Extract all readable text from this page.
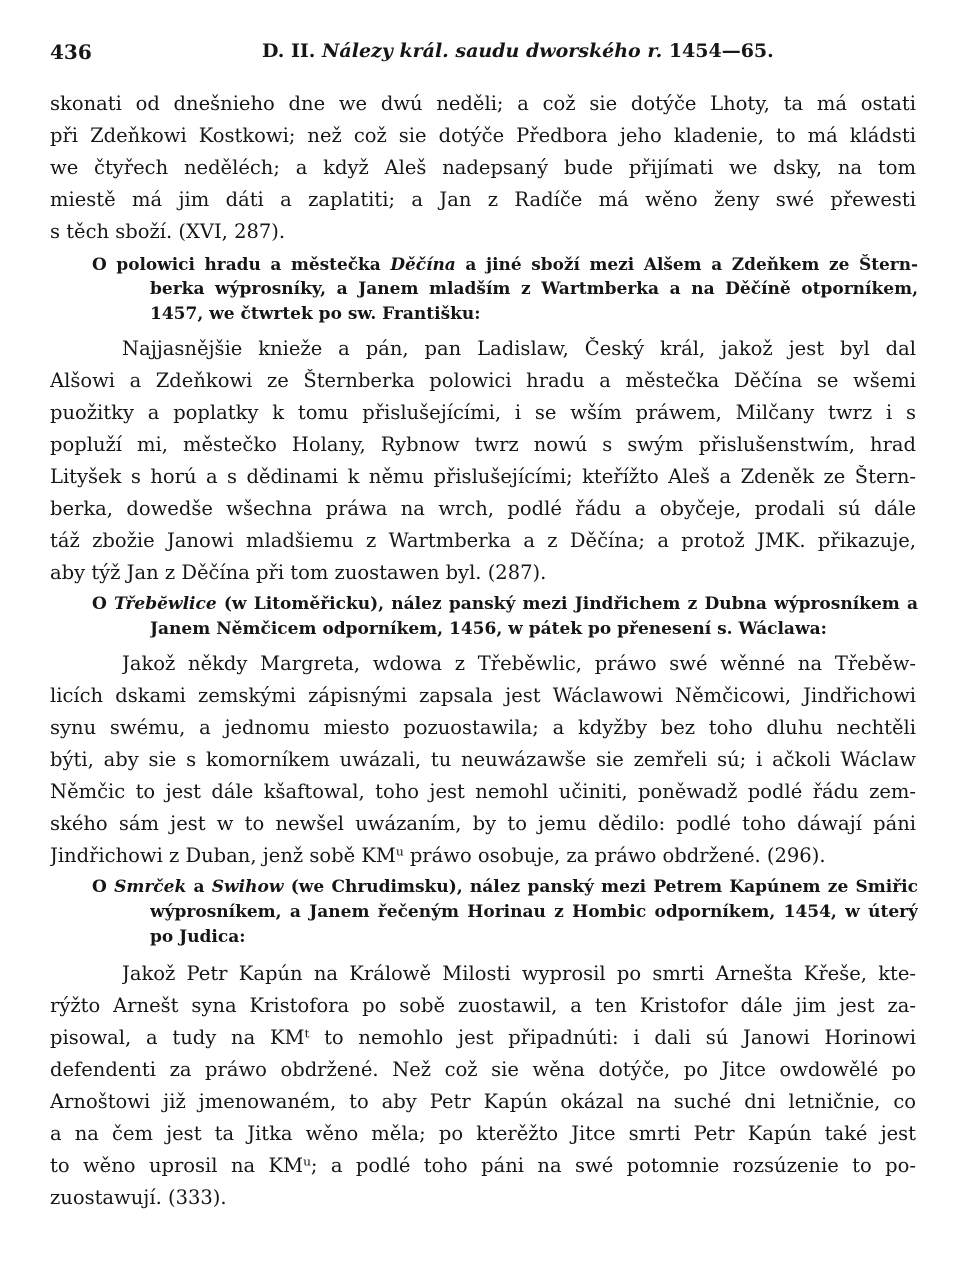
436	D. II. Nálezy král. saudu dworského r. 1454—65.

skonati od dnešnieho dne we dwú neděli; a což sie dotýče Lhoty, ta má ostati

při Zdeňkowi Kostkowi; než což sie dotýče Předbora jeho kladenie, to má kládsti

we čtyřech neděléch; a když Aleš nadepsaný bude přijímati we dsky, na tom

miestě má jim dáti a zaplatiti; a Jan z Radíče má wěno ženy swé přewesti

s těch sboží. (XVI, 287).

O polowici hradu a městečka Děčína a jiné sboží mezi Alšem a Zdeňkem ze Štern-

berka wýprosníky, a Janem mladším z Wartmberka a na Děčíně otporníkem,

1457, we čtwrtek po sw. Františku:

Najjasnějšie knieže a pán, pan Ladislaw, Český král, jakož jest byl dal

Alšowi a Zdeňkowi ze Šternberka polowici hradu a městečka Děčína se wšemi

puožitky a poplatky k tomu přislušejícími, i se wším práwem, Milčany twrz i s

popluží mi, městečko Holany, Rybnow twrz nowú s swým přislušenstwím, hrad

Lityšek s horú a s dědinami k němu přislušejícími; kteřížto Aleš a Zdeněk ze Štern-

berka, dowedše wšechna práwa na wrch, podlé řádu a obyčeje, prodali sú dále

táž zbožie Janowi mladšiemu z Wartmberka a z Děčína; a protož JMK. přikazuje,

aby týž Jan z Děčína při tom zuostawen byl. (287).

O Třebĕwlice (w Litoměřicku), nález panský mezi Jindřichem z Dubna wýprosníkem a

Janem Němčicem odporníkem, 1456, w pátek po přenesení s. Wáclawa:

Jakož někdy Margreta, wdowa z Třeběwlic, práwo swé wěnné na Třeběw-

licích dskami zemskými zápisnými zapsala jest Wáclawowi Němčicowi, Jindřichowi

synu swému, a jednomu miesto pozuostawila; a kdyžby bez toho dluhu nechtěli

býti, aby sie s komorníkem uwázali, tu neuwázawše sie zemřeli sú; i ačkoli Wáclaw

Němčic to jest dále kšaftowal, toho jest nemohl učiniti, poněwadž podlé řádu zem-

ského sám jest w to newšel uwázaním, by to jemu dědilo: podlé toho dáwají páni

Jindřichowi z Duban, jenž sobě KMᵘ práwo osobuje, za práwo obdržené. (296).

O Smrček a Swihow (we Chrudimsku), nález panský mezi Petrem Kapúnem ze Smiřic

wýprosníkem, a Janem řečeným Horinau z Hombic odporníkem, 1454, w úterý

po Judica:

Jakož Petr Kapún na Králowě Milosti wyprosil po smrti Arnešta Křeše, kte-

rýžto Arnešt syna Kristofora po sobě zuostawil, a ten Kristofor dále jim jest za-

pisowal, a tudy na KMᵗ to nemohlo jest připadnúti: i dali sú Janowi Horinowi

defendenti za práwo obdržené. Než což sie wěna dotýče, po Jitce owdowělé po

Arnoštowi již jmenowaném, to aby Petr Kapún okázal na suché dni letničnie, co

a na čem jest ta Jitka wěno měla; po kterěžto Jitce smrti Petr Kapún také jest

to wěno uprosil na KMᵘ; a podlé toho páni na swé potomnie rozsúzenie to po-

zuostawují. (333).
